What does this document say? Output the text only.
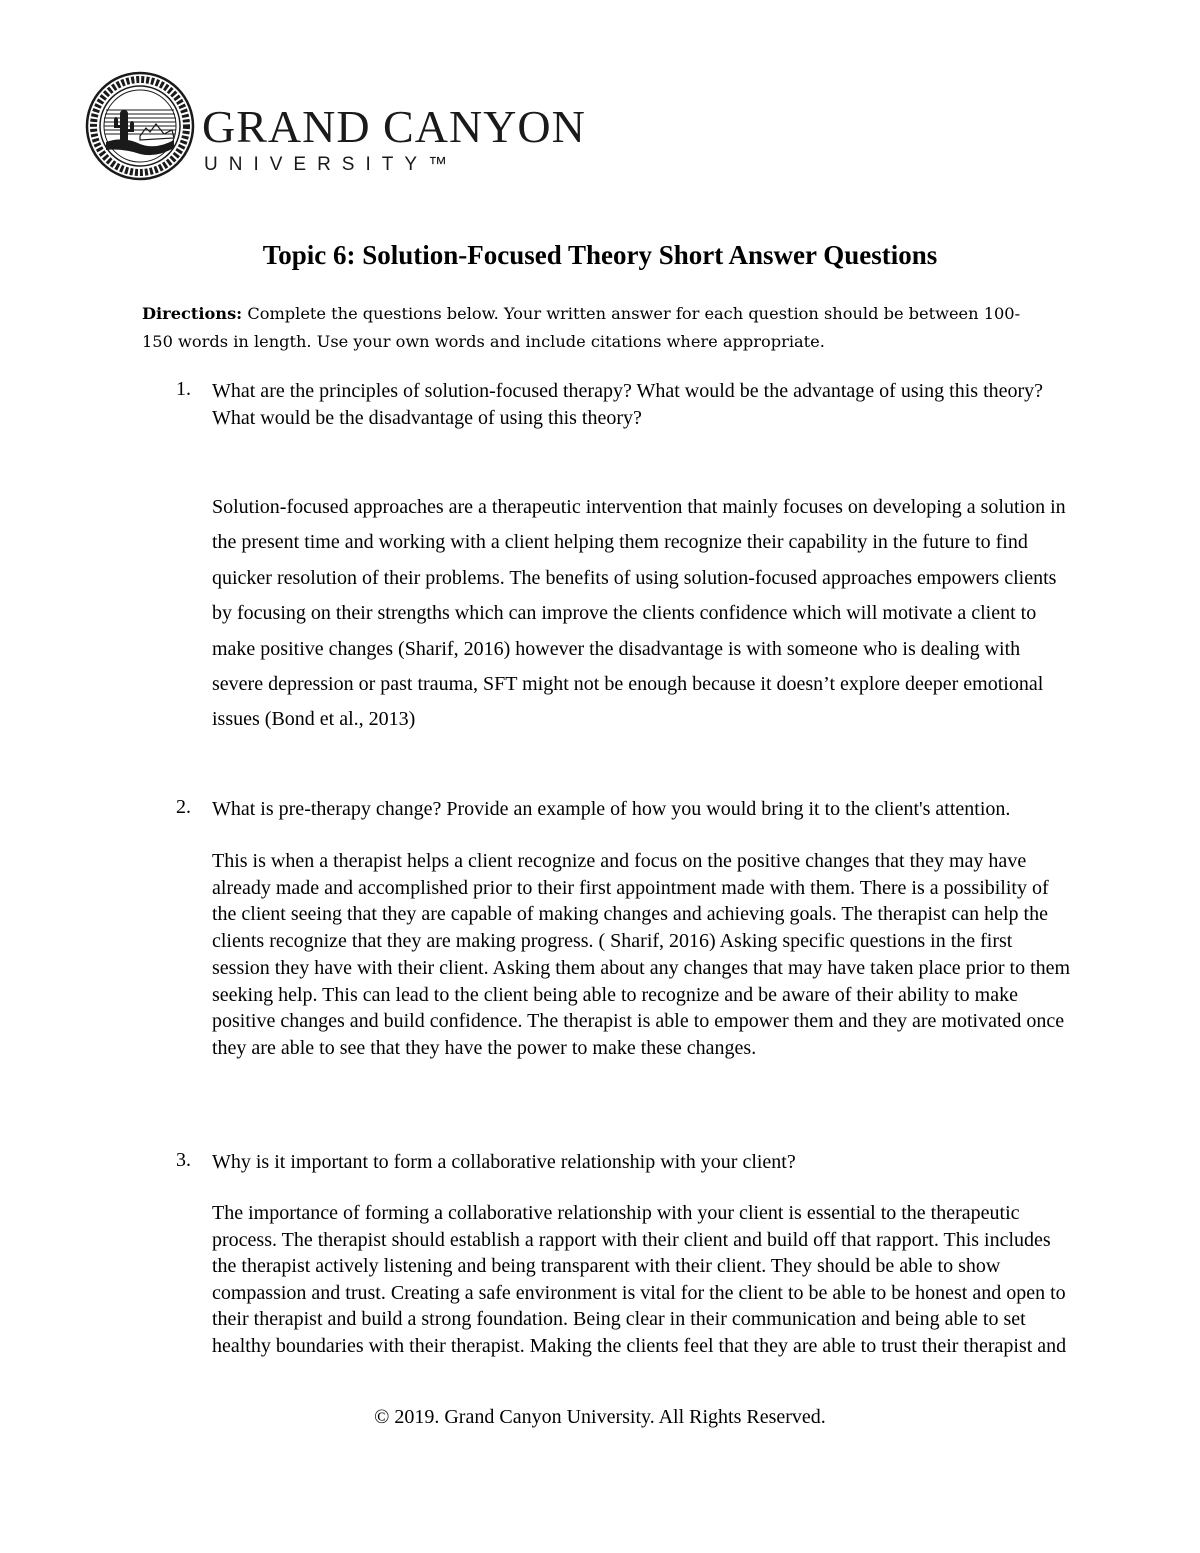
GRAND CANYON
UNIVERSITY™
Topic 6: Solution-Focused Theory Short Answer Questions
Directions: Complete the questions below. Your written answer for each question should be between 100-150 words in length. Use your own words and include citations where appropriate.
1. What are the principles of solution-focused therapy? What would be the advantage of using this theory? What would be the disadvantage of using this theory?
Solution-focused approaches are a therapeutic intervention that mainly focuses on developing a solution in the present time and working with a client helping them recognize their capability in the future to find quicker resolution of their problems. The benefits of using solution-focused approaches empowers clients by focusing on their strengths which can improve the clients confidence which will motivate a client to make positive changes (Sharif, 2016) however the disadvantage is with someone who is dealing with severe depression or past trauma, SFT might not be enough because it doesn’t explore deeper emotional issues (Bond et al., 2013)
2. What is pre-therapy change? Provide an example of how you would bring it to the client's attention.
This is when a therapist helps a client recognize and focus on the positive changes that they may have already made and accomplished prior to their first appointment made with them. There is a possibility of the client seeing that they are capable of making changes and achieving goals. The therapist can help the clients recognize that they are making progress. ( Sharif, 2016) Asking specific questions in the first session they have with their client. Asking them about any changes that may have taken place prior to them seeking help. This can lead to the client being able to recognize and be aware of their ability to make positive changes and build confidence. The therapist is able to empower them and they are motivated once they are able to see that they have the power to make these changes.
3. Why is it important to form a collaborative relationship with your client?
The importance of forming a collaborative relationship with your client is essential to the therapeutic process. The therapist should establish a rapport with their client and build off that rapport. This includes the therapist actively listening and being transparent with their client. They should be able to show compassion and trust. Creating a safe environment is vital for the client to be able to be honest and open to their therapist and build a strong foundation. Being clear in their communication and being able to set healthy boundaries with their therapist. Making the clients feel that they are able to trust their therapist and
© 2019. Grand Canyon University. All Rights Reserved.
